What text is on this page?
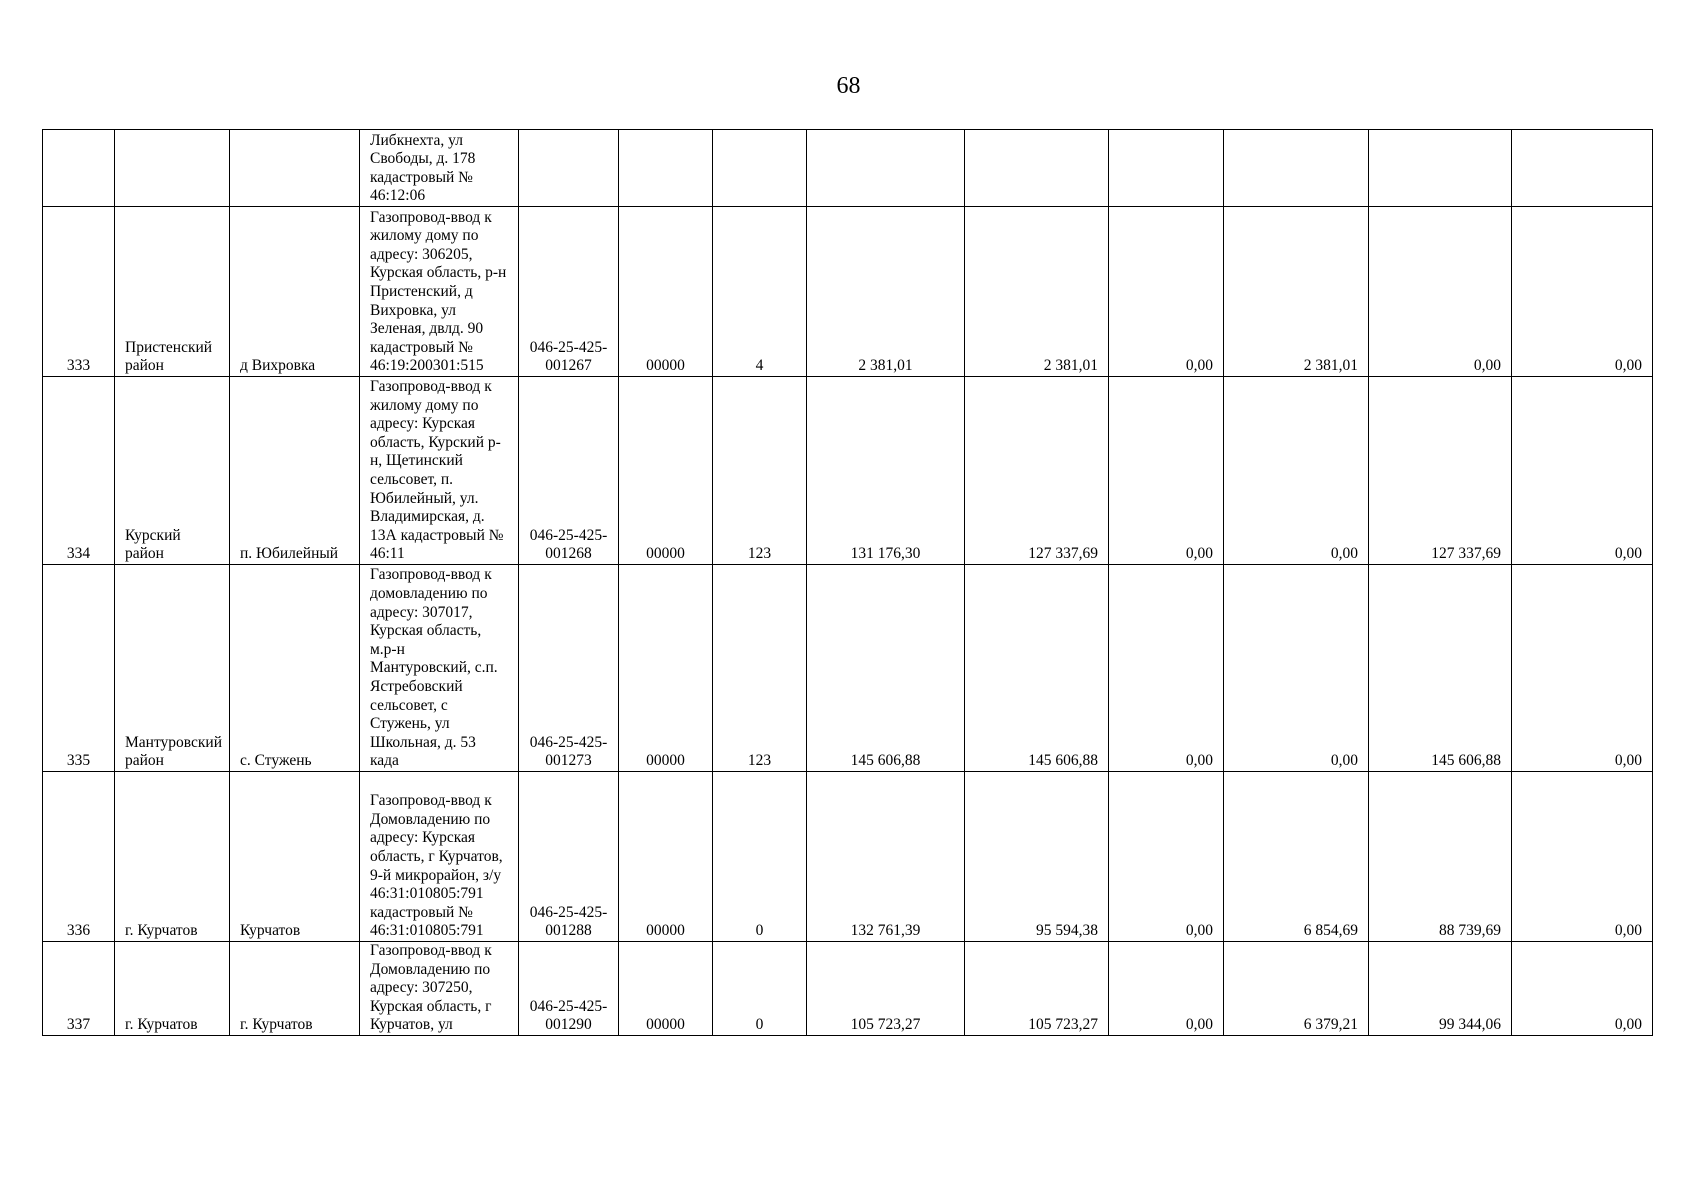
68
			Либкнехта, ул Свободы, д. 178 кадастровый № 46:12:06									
333	Пристенский район	д Вихровка	Газопровод-ввод к жилому дому по адресу: 306205, Курская область, р-н Пристенский, д Вихровка, ул Зеленая, двлд. 90 кадастровый № 46:19:200301:515	046-25-425-001267	00000	4	2 381,01	2 381,01	0,00	2 381,01	0,00	0,00
334	Курский район	п. Юбилейный	Газопровод-ввод к жилому дому по адресу: Курская область, Курский р-н, Щетинский сельсовет, п. Юбилейный, ул. Владимирская, д. 13А кадастровый № 46:11	046-25-425-001268	00000	123	131 176,30	127 337,69	0,00	0,00	127 337,69	0,00
335	Мантуровский район	с. Стужень	Газопровод-ввод к домовладению по адресу: 307017, Курская область, м.р-н Мантуровский, с.п. Ястребовский сельсовет, с Стужень, ул Школьная, д. 53 када	046-25-425-001273	00000	123	145 606,88	145 606,88	0,00	0,00	145 606,88	0,00
336	г. Курчатов	Курчатов	Газопровод-ввод к Домовладению по адресу: Курская область, г Курчатов, 9-й микрорайон, з/у 46:31:010805:791 кадастровый № 46:31:010805:791	046-25-425-001288	00000	0	132 761,39	95 594,38	0,00	6 854,69	88 739,69	0,00
337	г. Курчатов	г. Курчатов	Газопровод-ввод к Домовладению по адресу: 307250, Курская область, г Курчатов, ул	046-25-425-001290	00000	0	105 723,27	105 723,27	0,00	6 379,21	99 344,06	0,00
